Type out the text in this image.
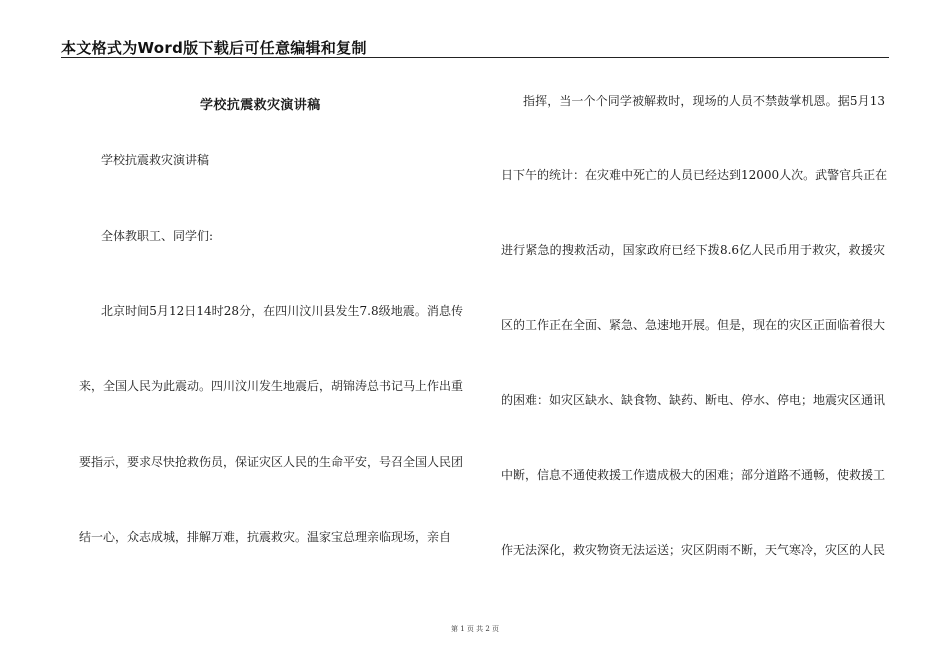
本文格式为Word版下载后可任意编辑和复制
学校抗震救灾演讲稿
学校抗震救灾演讲稿
全体教职工、同学们:
北京时间5月12日14时28分，在四川汶川县发生7.8级地震。消息传
来，全国人民为此震动。四川汶川发生地震后，胡锦涛总书记马上作出重
要指示，要求尽快抢救伤员，保证灾区人民的生命平安，号召全国人民团
结一心，众志成城，排解万难，抗震救灾。温家宝总理亲临现场，亲自
指挥，当一个个同学被解救时，现场的人员不禁鼓掌机恩。据5月13
日下午的统计：在灾难中死亡的人员已经达到12000人次。武警官兵正在
进行紧急的搜救活动，国家政府已经下拨8.6亿人民币用于救灾，救援灾
区的工作正在全面、紧急、急速地开展。但是，现在的灾区正面临着很大
的困难：如灾区缺水、缺食物、缺药、断电、停水、停电；地震灾区通讯
中断，信息不通使救援工作遗成极大的困难；部分道路不通畅，使救援工
作无法深化，救灾物资无法运送；灾区阴雨不断，天气寒冷，灾区的人民
第 1 页 共 2 页
